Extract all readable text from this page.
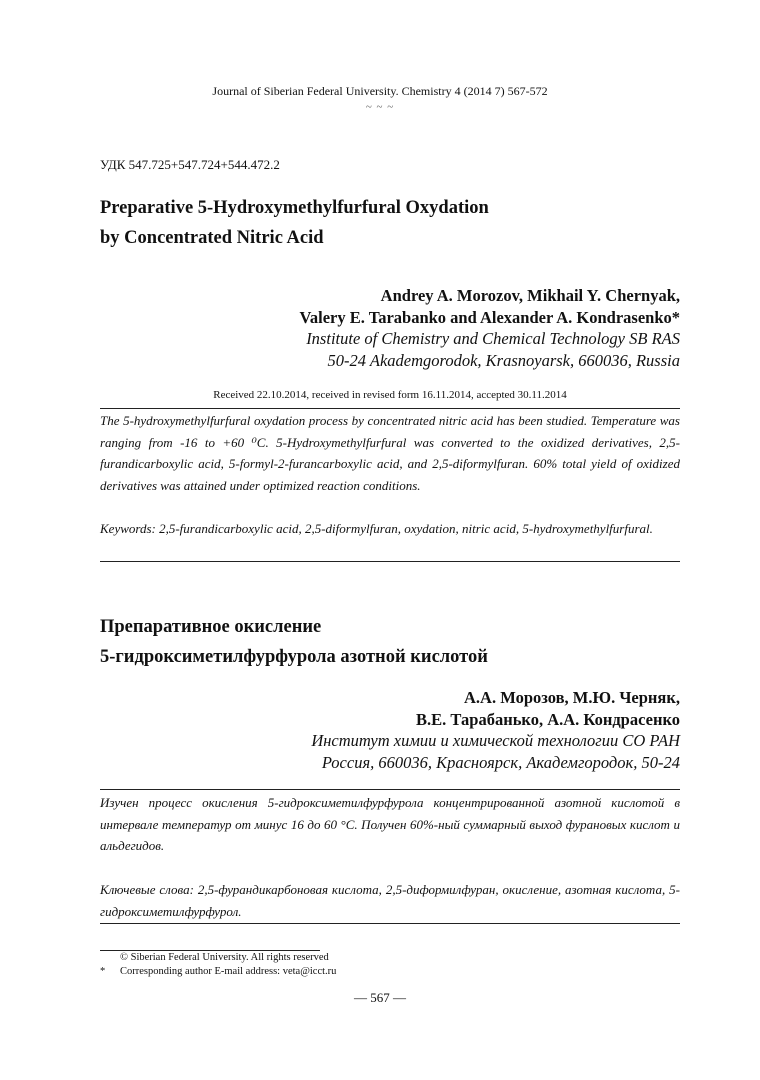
Journal of Siberian Federal University. Chemistry 4 (2014 7) 567-572
~ ~ ~
УДК 547.725+547.724+544.472.2
Preparative 5-Hydroxymethylfurfural Oxydation
by Concentrated Nitric Acid
Andrey A. Morozov, Mikhail Y. Chernyak,
Valery E. Tarabanko and Alexander A. Kondrasenko*
Institute of Chemistry and Chemical Technology SB RAS
50-24 Akademgorodok, Krasnoyarsk, 660036, Russia
Received 22.10.2014, received in revised form 16.11.2014, accepted 30.11.2014
The 5-hydroxymethylfurfural oxydation process by concentrated nitric acid has been studied. Temperature was ranging from -16 to +60 ⁰C. 5-Hydroxymethylfurfural was converted to the oxidized derivatives, 2,5-furandicarboxylic acid, 5-formyl-2-furancarboxylic acid, and 2,5-diformylfuran. 60% total yield of oxidized derivatives was attained under optimized reaction conditions.
Keywords: 2,5-furandicarboxylic acid, 2,5-diformylfuran, oxydation, nitric acid, 5-hydroxymethylfurfural.
Препаративное окисление
5-гидроксиметилфурфурола азотной кислотой
А.А. Морозов, М.Ю. Черняк,
В.Е. Тарабанько, А.А. Кондрасенко
Институт химии и химической технологии СО РАН
Россия, 660036, Красноярск, Академгородок, 50-24
Изучен процесс окисления 5-гидроксиметилфурфурола концентрированной азотной кислотой в интервале температур от минус 16 до 60 °С. Получен 60%-ный суммарный выход фурановых кислот и альдегидов.
Ключевые слова: 2,5-фурандикарбоновая кислота, 2,5-диформилфуран, окисление, азотная кислота, 5-гидроксиметилфурфурол.
© Siberian Federal University. All rights reserved
* Corresponding author E-mail address: veta@icct.ru
— 567 —
